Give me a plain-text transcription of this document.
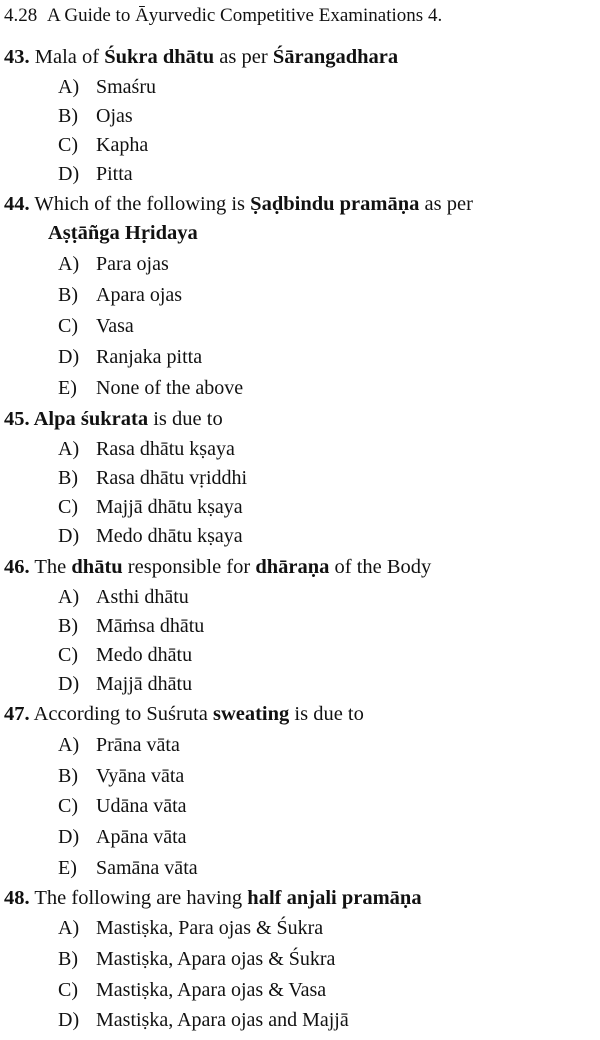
4.28 A Guide to Āyurvedic Competitive Examinations 4.
43. Mala of Śukra dhātu as per Śārangadhara
A) Smaśru
B) Ojas
C) Kapha
D) Pitta
44. Which of the following is Ṣaḍbindu pramāṇa as per
Aṣṭāñga Hṛidaya
A) Para ojas
B) Apara ojas
C) Vasa
D) Ranjaka pitta
E) None of the above
45. Alpa śukrata is due to
A) Rasa dhātu kṣaya
B) Rasa dhātu vṛiddhi
C) Majjā dhātu kṣaya
D) Medo dhātu kṣaya
46. The dhātu responsible for dhāraṇa of the Body
A) Asthi dhātu
B) Māṁsa dhātu
C) Medo dhātu
D) Majjā dhātu
47. According to Suśruta sweating is due to
A) Prāna vāta
B) Vyāna vāta
C) Udāna vāta
D) Apāna vāta
E) Samāna vāta
48. The following are having half anjali pramāṇa
A) Mastiṣka, Para ojas & Śukra
B) Mastiṣka, Apara ojas & Śukra
C) Mastiṣka, Apara ojas & Vasa
D) Mastiṣka, Apara ojas and Majjā
